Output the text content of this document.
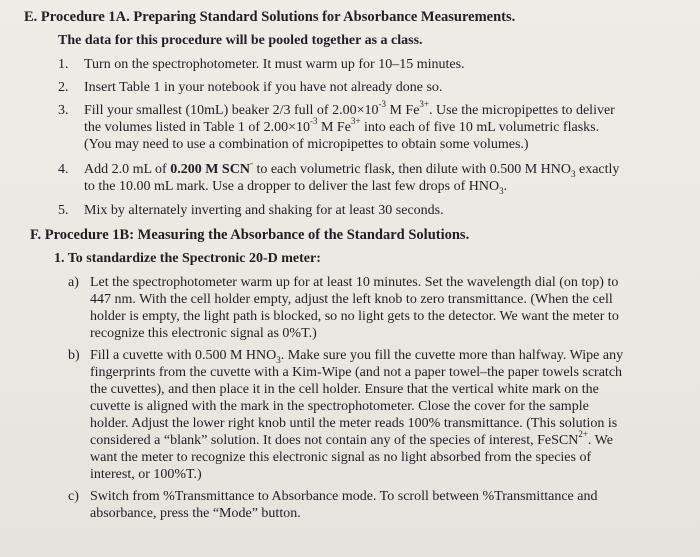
E. Procedure 1A. Preparing Standard Solutions for Absorbance Measurements.
The data for this procedure will be pooled together as a class.
1. Turn on the spectrophotometer. It must warm up for 10–15 minutes.
2. Insert Table 1 in your notebook if you have not already done so.
3. Fill your smallest (10mL) beaker 2/3 full of $2.00\times 10^{-3}$ M $Fe^{3+}$. Use the micropipettes to deliver
the volumes listed in Table 1 of $2.00\times 10^{-3}$ M $Fe^{3+}$ into each of five 10 mL volumetric flasks.
(You may need to use a combination of micropipettes to obtain some volumes.)
4. Add 2.0 mL of 0.200 M SCN- to each volumetric flask, then dilute with 0.500 M $HNO_3$ exactly
to the 10.00 mL mark. Use a dropper to deliver the last few drops of $HNO_3$.
5. Mix by alternately inverting and shaking for at least 30 seconds.
F. Procedure 1B: Measuring the Absorbance of the Standard Solutions.
1. To standardize the Spectronic 20-D meter:
a) Let the spectrophotometer warm up for at least 10 minutes. Set the wavelength dial (on top) to
447 nm. With the cell holder empty, adjust the left knob to zero transmittance. (When the cell
holder is empty, the light path is blocked, so no light gets to the detector. We want the meter to
recognize this electronic signal as 0%T.)
b) Fill a cuvette with 0.500 M $HNO_3$. Make sure you fill the cuvette more than halfway. Wipe any
fingerprints from the cuvette with a Kim-Wipe (and not a paper towel–the paper towels scratch
the cuvettes), and then place it in the cell holder. Ensure that the vertical white mark on the
cuvette is aligned with the mark in the spectrophotometer. Close the cover for the sample
holder. Adjust the lower right knob until the meter reads 100% transmittance. (This solution is
considered a “blank” solution. It does not contain any of the species of interest, FeSCN$^{2+}$. We
want the meter to recognize this electronic signal as no light absorbed from the species of
interest, or 100%T.)
c) Switch from %Transmittance to Absorbance mode. To scroll between %Transmittance and
absorbance, press the “Mode” button.
